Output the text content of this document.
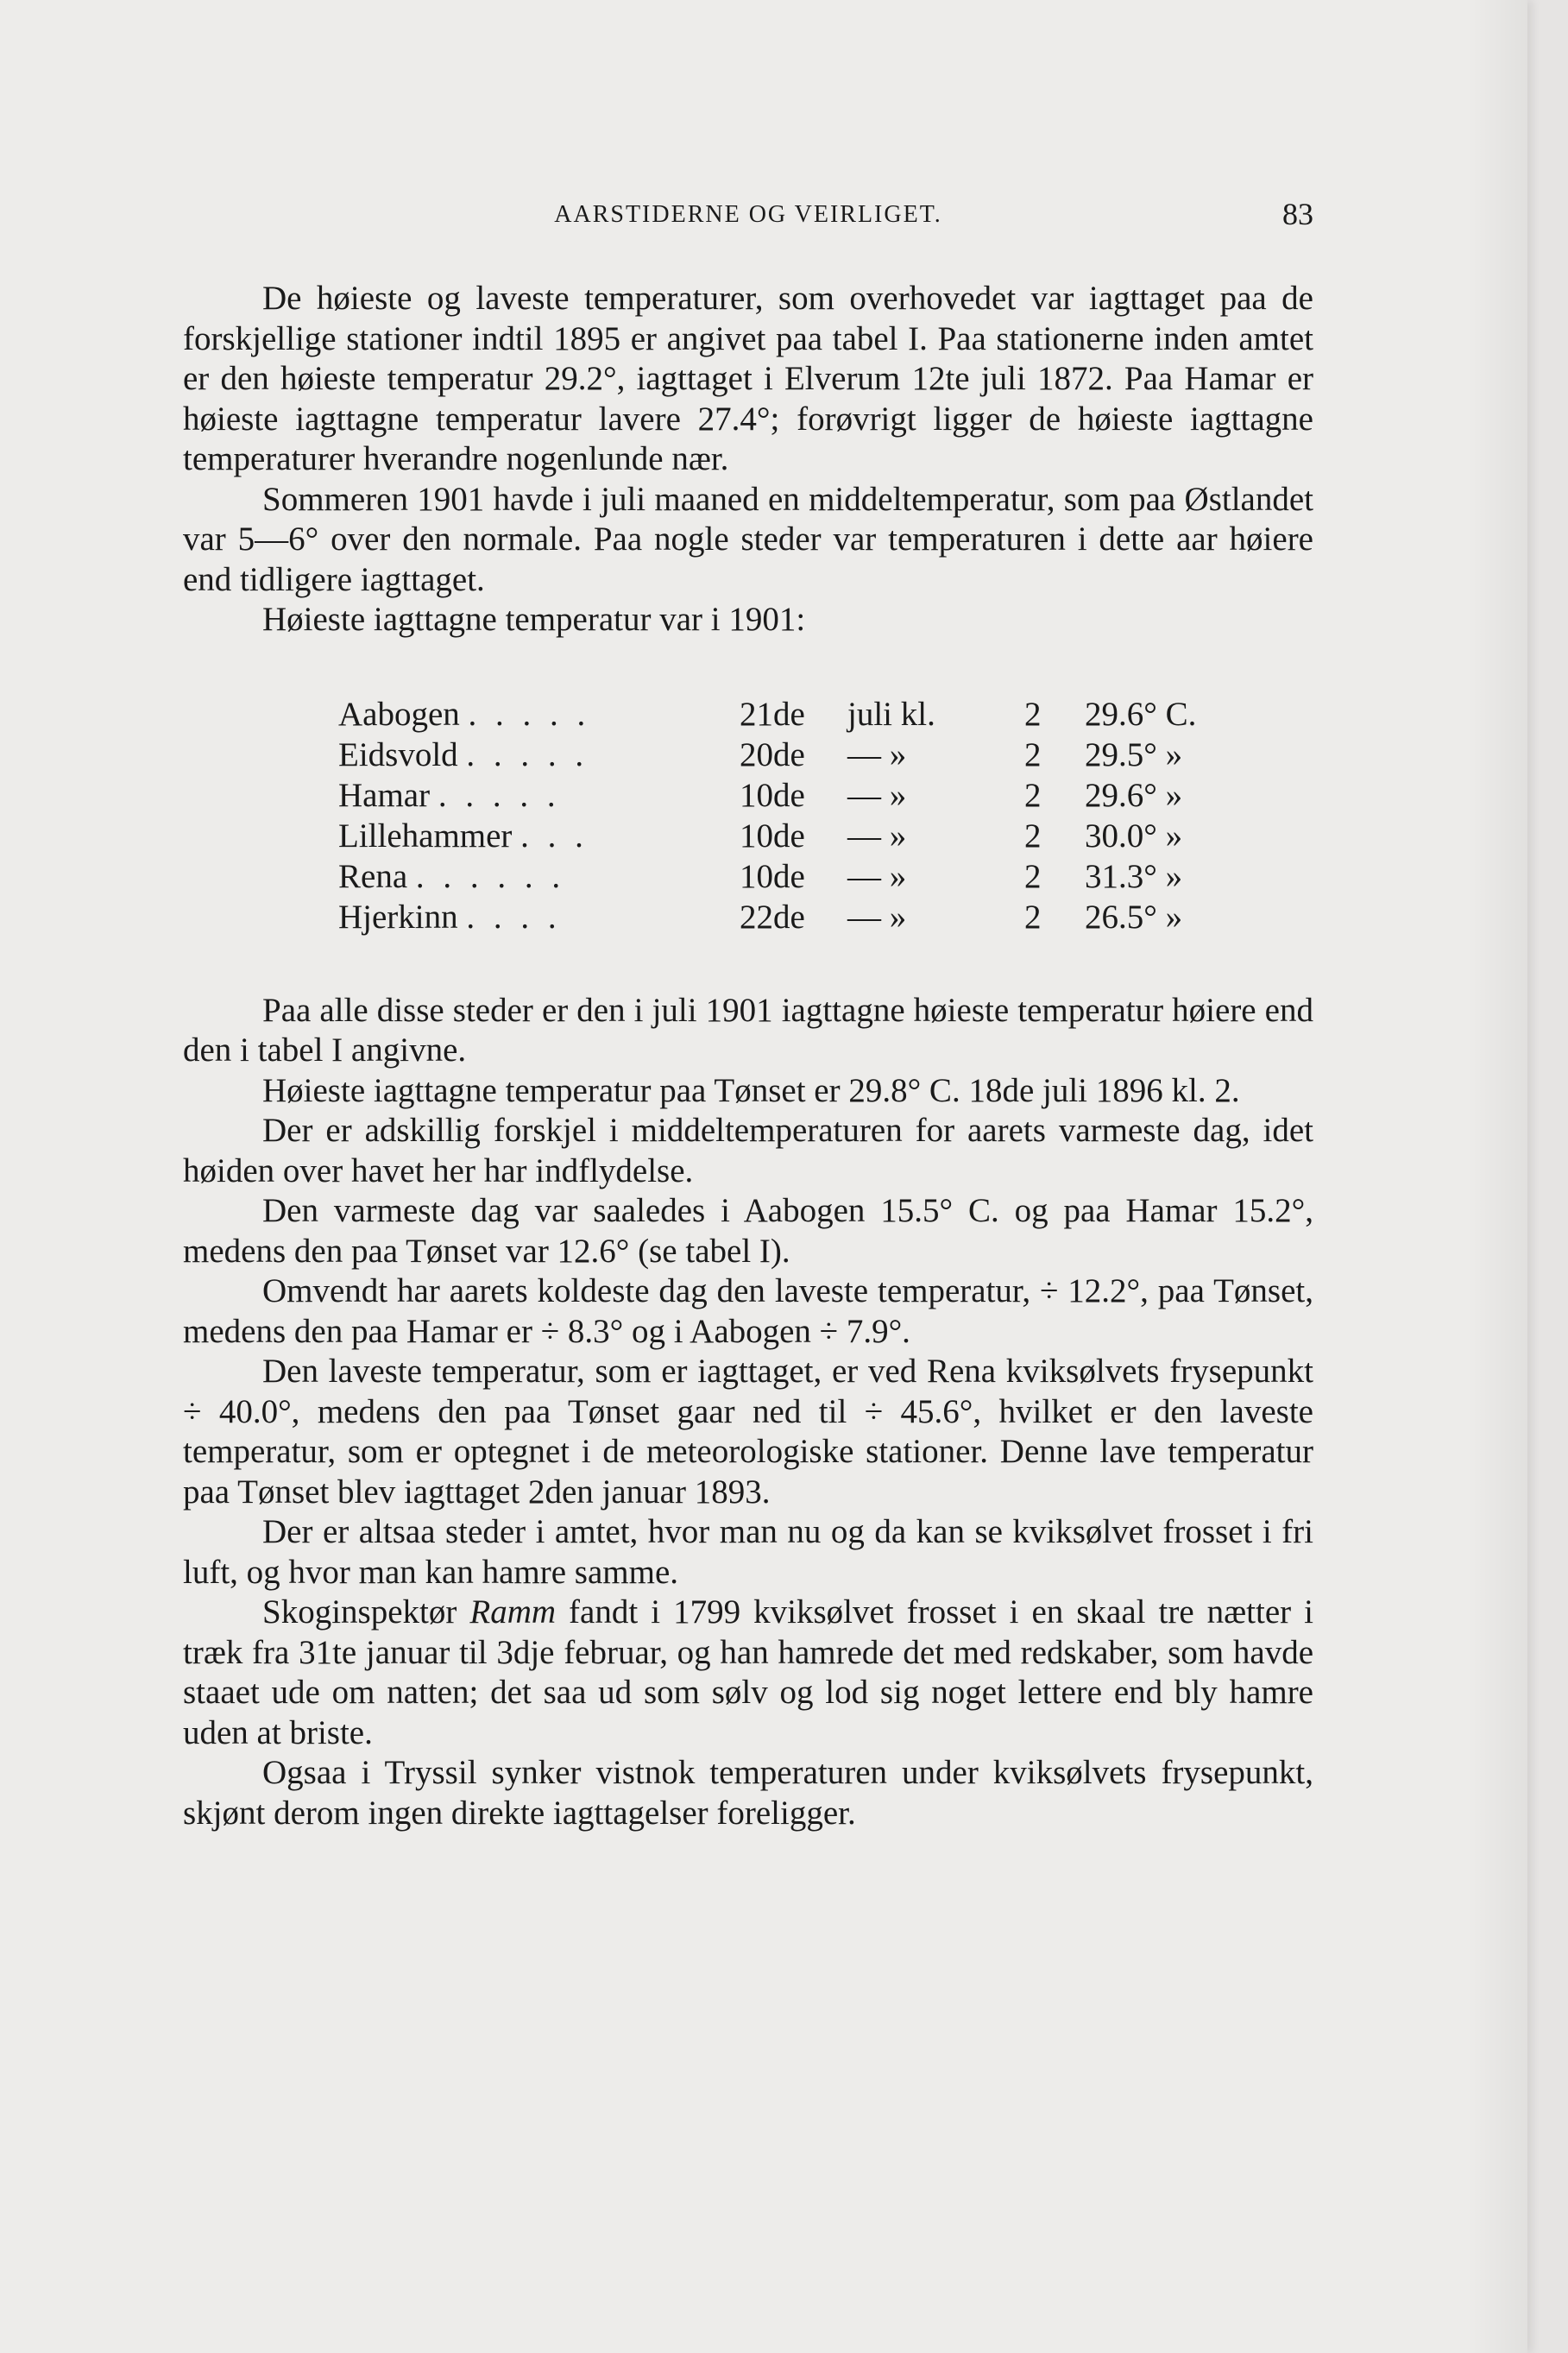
AARSTIDERNE OG VEIRLIGET.	83

De høieste og laveste temperaturer, som overhovedet var iagttaget paa de forskjellige stationer indtil 1895 er angivet paa tabel I. Paa stationerne inden amtet er den høieste temperatur 29.2°, iagttaget i Elverum 12te juli 1872. Paa Hamar er høieste iagttagne temperatur lavere 27.4°; forøvrigt ligger de høieste iagttagne temperaturer hverandre nogenlunde nær.

Sommeren 1901 havde i juli maaned en middeltemperatur, som paa Østlandet var 5—6° over den normale. Paa nogle steder var temperaturen i dette aar høiere end tidligere iagttaget.

Høieste iagttagne temperatur var i 1901:

Aabogen . . . . .	21de	juli kl.	2	29.6° C.
Eidsvold . . . . .	20de	— »	2	29.5° »
Hamar . . . . .	10de	— »	2	29.6° »
Lillehammer . . .	10de	— »	2	30.0° »
Rena . . . . . .	10de	— »	2	31.3° »
Hjerkinn . . . .	22de	— »	2	26.5° »

Paa alle disse steder er den i juli 1901 iagttagne høieste temperatur høiere end den i tabel I angivne.

Høieste iagttagne temperatur paa Tønset er 29.8° C. 18de juli 1896 kl. 2.

Der er adskillig forskjel i middeltemperaturen for aarets varmeste dag, idet høiden over havet her har indflydelse.

Den varmeste dag var saaledes i Aabogen 15.5° C. og paa Hamar 15.2°, medens den paa Tønset var 12.6° (se tabel I).

Omvendt har aarets koldeste dag den laveste temperatur, ÷ 12.2°, paa Tønset, medens den paa Hamar er ÷ 8.3° og i Aabogen ÷ 7.9°.

Den laveste temperatur, som er iagttaget, er ved Rena kviksølvets frysepunkt ÷ 40.0°, medens den paa Tønset gaar ned til ÷ 45.6°, hvilket er den laveste temperatur, som er optegnet i de meteorologiske stationer. Denne lave temperatur paa Tønset blev iagttaget 2den januar 1893.

Der er altsaa steder i amtet, hvor man nu og da kan se kviksølvet frosset i fri luft, og hvor man kan hamre samme.

Skoginspektør Ramm fandt i 1799 kviksølvet frosset i en skaal tre nætter i træk fra 31te januar til 3dje februar, og han hamrede det med redskaber, som havde staaet ude om natten; det saa ud som sølv og lod sig noget lettere end bly hamre uden at briste.

Ogsaa i Tryssil synker vistnok temperaturen under kviksølvets frysepunkt, skjønt derom ingen direkte iagttagelser foreligger.
